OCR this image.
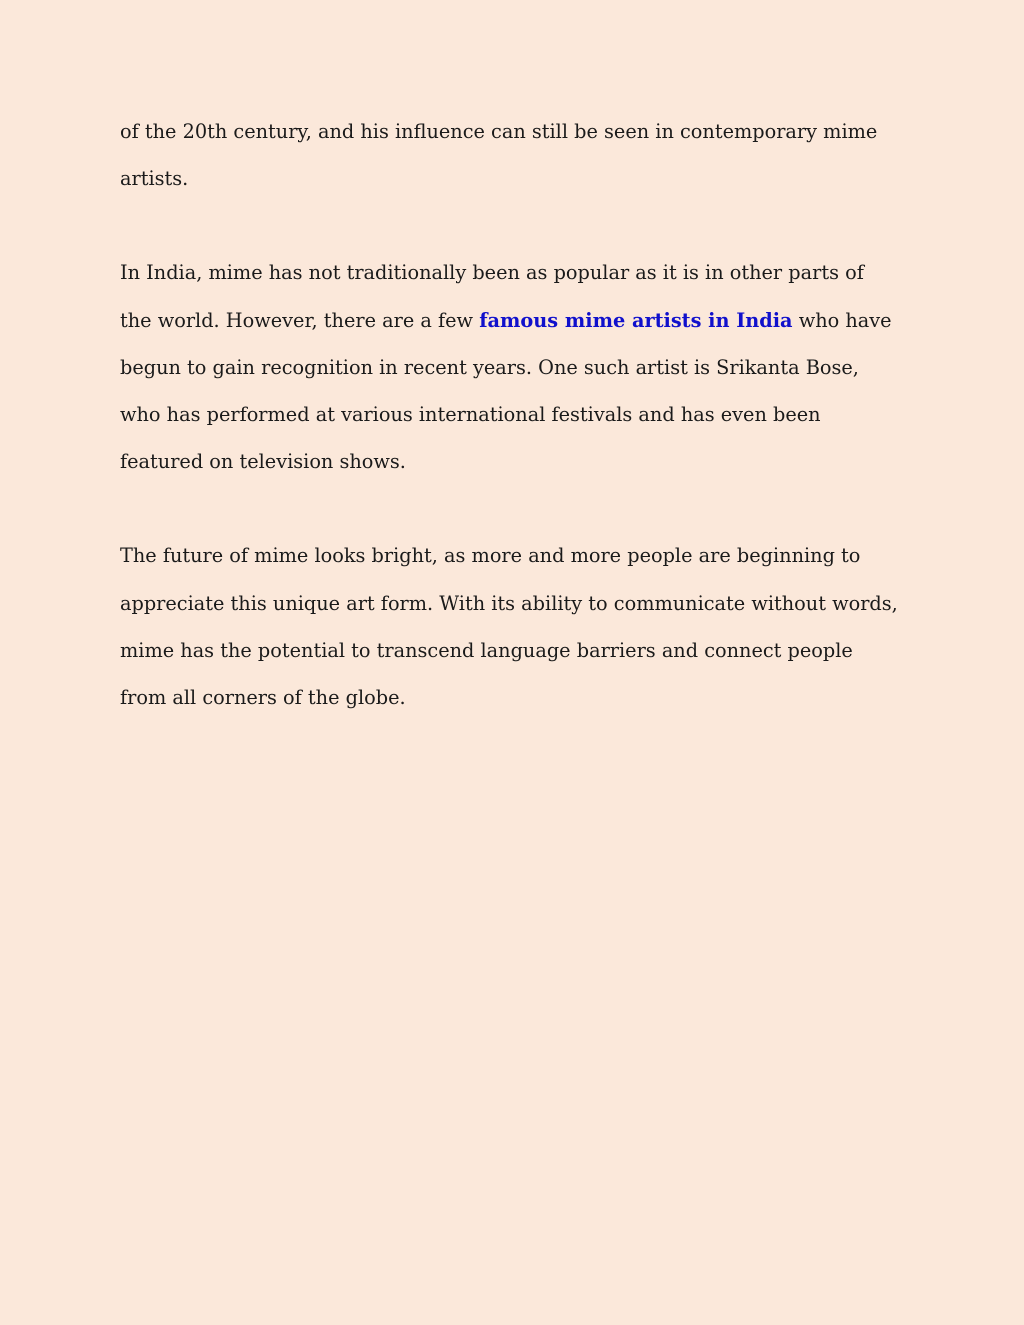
of the 20th century, and his influence can still be seen in contemporary mime
artists.

In India, mime has not traditionally been as popular as it is in other parts of
the world. However, there are a few famous mime artists in India who have
begun to gain recognition in recent years. One such artist is Srikanta Bose,
who has performed at various international festivals and has even been
featured on television shows.

The future of mime looks bright, as more and more people are beginning to
appreciate this unique art form. With its ability to communicate without words,
mime has the potential to transcend language barriers and connect people
from all corners of the globe.
